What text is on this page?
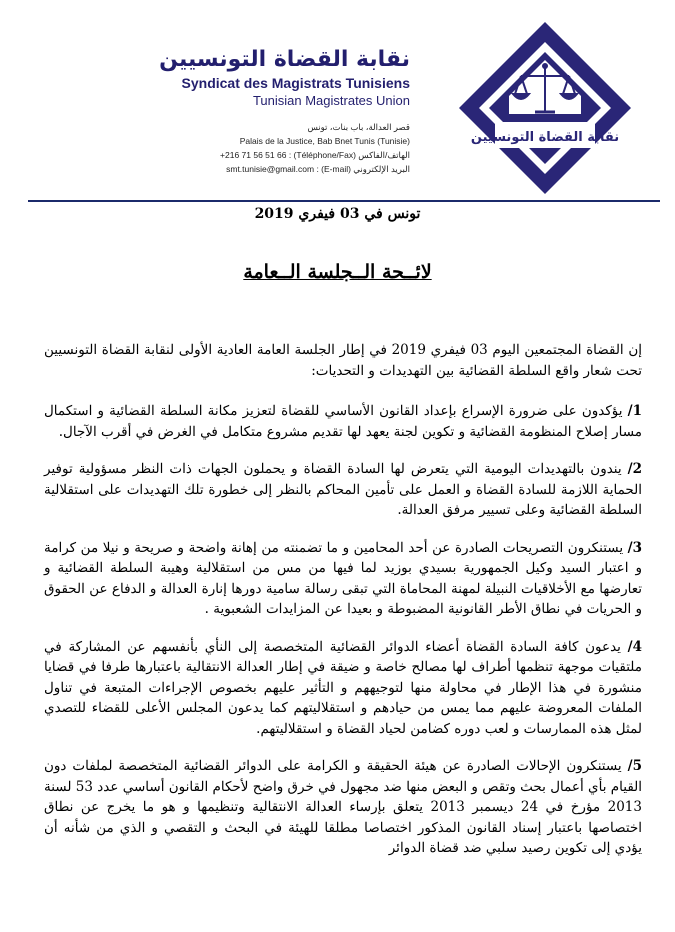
نقابة القضاة التونسيين
Syndicat des Magistrats Tunisiens
Tunisian Magistrates Union
قصر العدالة، باب بنات، تونس
Palais de la Justice, Bab Bnet Tunis (Tunisie)
+216 71 56 51 66 : (Téléphone/Fax) الهاتف/الفاكس
smt.tunisie@gmail.com : (E-mail) البريد الإلكتروني
نقابة القضاة التونسيين
تونس في 03 فيفري 2019
لائــحة الــجلسة الــعامة

إن القضاة المجتمعين اليوم 03 فيفري 2019 في إطار الجلسة العامة العادية الأولى لنقابة القضاة التونسيين تحت شعار واقع السلطة القضائية بين التهديدات و التحديات:

1/ يؤكدون على ضرورة الإسراع بإعداد القانون الأساسي للقضاة لتعزيز مكانة السلطة القضائية و استكمال مسار إصلاح المنظومة القضائية و تكوين لجنة يعهد لها تقديم مشروع متكامل في الغرض في أقرب الآجال.

2/ يندون بالتهديدات اليومية التي يتعرض لها السادة القضاة و يحملون الجهات ذات النظر مسؤولية توفير الحماية اللازمة للسادة القضاة و العمل على تأمين المحاكم بالنظر إلى خطورة تلك التهديدات على استقلالية السلطة القضائية وعلى تسيير مرفق العدالة.

3/ يستنكرون التصريحات الصادرة عن أحد المحامين و ما تضمنته من إهانة واضحة و صريحة و نيلا من كرامة و اعتبار السيد وكيل الجمهورية بسيدي بوزيد لما فيها من مس من استقلالية وهيبة السلطة القضائية و تعارضها مع الأخلاقيات النبيلة لمهنة المحاماة التي تبقى رسالة سامية دورها إنارة العدالة و الدفاع عن الحقوق و الحريات في نطاق الأطر القانونية المضبوطة و بعيدا عن المزايدات الشعبوية .

4/ يدعون كافة السادة القضاة أعضاء الدوائر القضائية المتخصصة إلى النأي بأنفسهم عن المشاركة في ملتقيات موجهة تنظمها أطراف لها مصالح خاصة و ضيقة في إطار العدالة الانتقالية باعتبارها طرفا في قضايا منشورة في هذا الإطار في محاولة منها لتوجيههم و التأثير عليهم بخصوص الإجراءات المتبعة في تناول الملفات المعروضة عليهم مما يمس من حيادهم و استقلاليتهم كما يدعون المجلس الأعلى للقضاء للتصدي لمثل هذه الممارسات و لعب دوره كضامن لحياد القضاة و استقلاليتهم.

5/ يستنكرون الإحالات الصادرة عن هيئة الحقيقة و الكرامة على الدوائر القضائية المتخصصة لملفات دون القيام بأي أعمال بحث وتقص و البعض منها ضد مجهول في خرق واضح لأحكام القانون أساسي عدد 53 لسنة 2013 مؤرخ في 24 ديسمبر 2013 يتعلق بإرساء العدالة الانتقالية وتنظيمها و هو ما يخرج عن نطاق اختصاصها باعتبار إسناد القانون المذكور اختصاصا مطلقا للهيئة في البحث و التقصي و الذي من شأنه أن يؤدي إلى تكوين رصيد سلبي ضد قضاة الدوائر
